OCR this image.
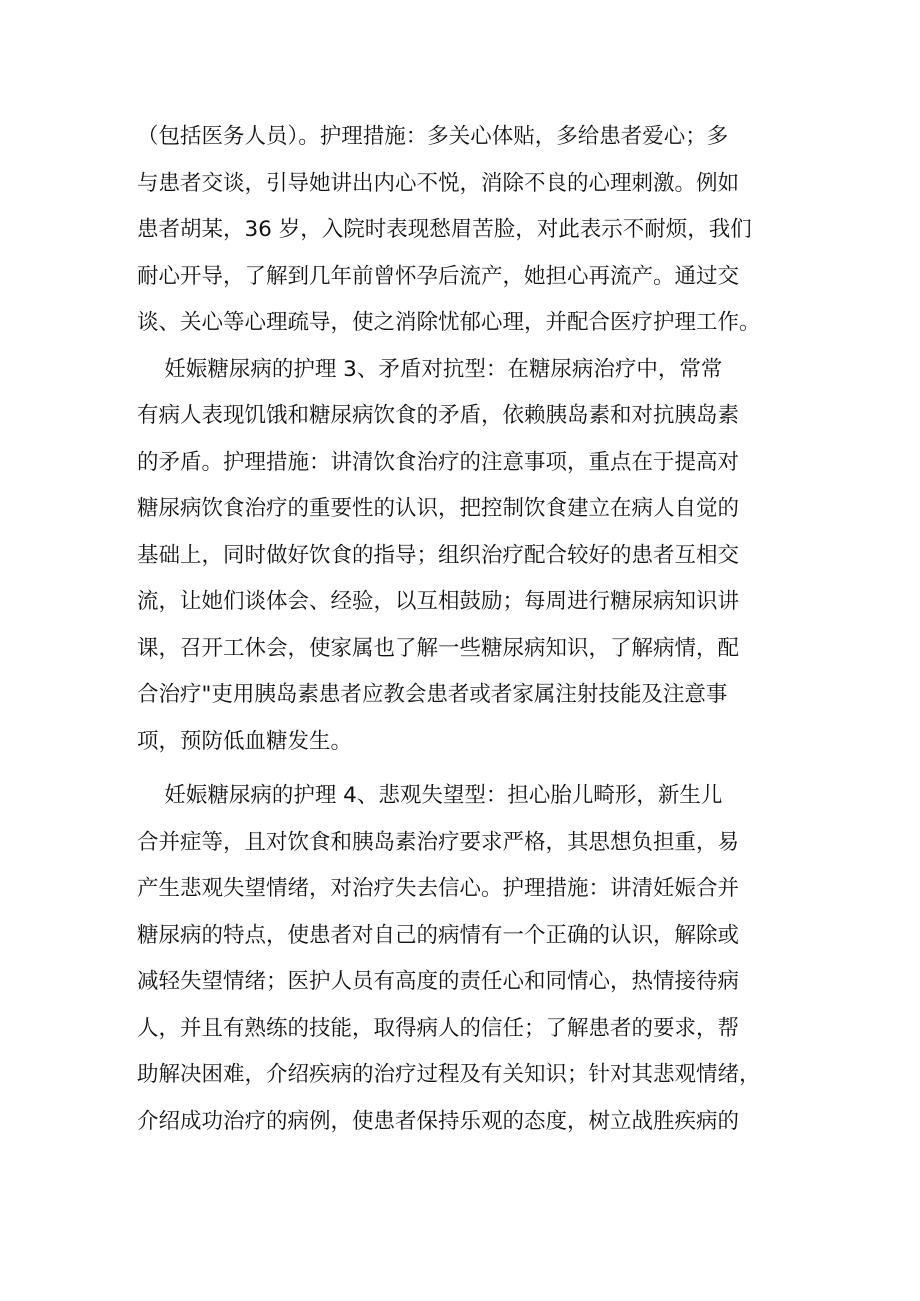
（包括医务人员）。护理措施：多关心体贴，多给患者爱心；多
与患者交谈，引导她讲出内心不悦，消除不良的心理刺激。例如
患者胡某，36 岁，入院时表现愁眉苦脸，对此表示不耐烦，我们
耐心开导，了解到几年前曾怀孕后流产，她担心再流产。通过交
谈、关心等心理疏导，使之消除忧郁心理，并配合医疗护理工作。
妊娠糖尿病的护理 3、矛盾对抗型：在糖尿病治疗中，常常
有病人表现饥饿和糖尿病饮食的矛盾，依赖胰岛素和对抗胰岛素
的矛盾。护理措施：讲清饮食治疗的注意事项，重点在于提高对
糖尿病饮食治疗的重要性的认识，把控制饮食建立在病人自觉的
基础上，同时做好饮食的指导；组织治疗配合较好的患者互相交
流，让她们谈体会、经验，以互相鼓励；每周进行糖尿病知识讲
课，召开工休会，使家属也了解一些糖尿病知识，了解病情，配
合治疗"吏用胰岛素患者应教会患者或者家属注射技能及注意事
项，预防低血糖发生。
妊娠糖尿病的护理 4、悲观失望型：担心胎儿畸形，新生儿
合并症等，且对饮食和胰岛素治疗要求严格，其思想负担重，易
产生悲观失望情绪，对治疗失去信心。护理措施：讲清妊娠合并
糖尿病的特点，使患者对自己的病情有一个正确的认识，解除或
减轻失望情绪；医护人员有高度的责任心和同情心，热情接待病
人，并且有熟练的技能，取得病人的信任；了解患者的要求，帮
助解决困难，介绍疾病的治疗过程及有关知识；针对其悲观情绪，
介绍成功治疗的病例，使患者保持乐观的态度，树立战胜疾病的
